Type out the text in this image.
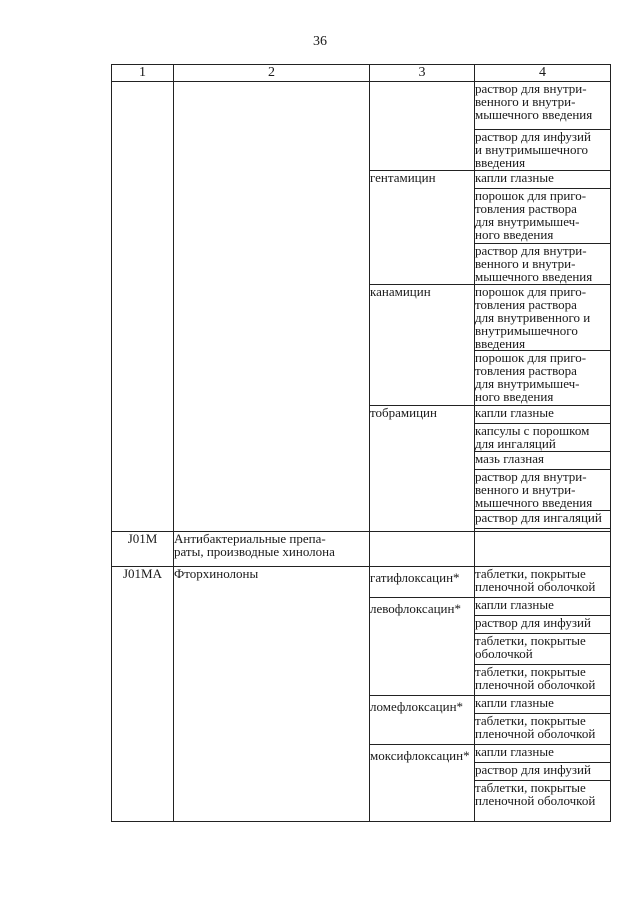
36
1	2	3	4
			раствор для внутри-
венного и внутри-
мышечного введения
			раствор для инфузий
и внутримышечного
введения
		гентамицин	капли глазные
			порошок для приго-
товления раствора
для внутримышеч-
ного введения
			раствор для внутри-
венного и внутри-
мышечного введения
		канамицин	порошок для приго-
товления раствора
для внутривенного и
внутримышечного
введения
			порошок для приго-
товления раствора
для внутримышеч-
ного введения
		тобрамицин	капли глазные
			капсулы с порошком
для ингаляций
			мазь глазная
			раствор для внутри-
венного и внутри-
мышечного введения
			раствор для ингаляций

J01M	Антибактериальные препа-
раты, производные хинолона		
J01MA	Фторхинолоны	гатифлоксацин*	таблетки, покрытые
пленочной оболочкой
		левофлоксацин*	капли глазные
			раствор для инфузий
			таблетки, покрытые
оболочкой
			таблетки, покрытые
пленочной оболочкой
		ломефлоксацин*	капли глазные
			таблетки, покрытые
пленочной оболочкой
		моксифлоксацин*	капли глазные
			раствор для инфузий
			таблетки, покрытые
пленочной оболочкой
